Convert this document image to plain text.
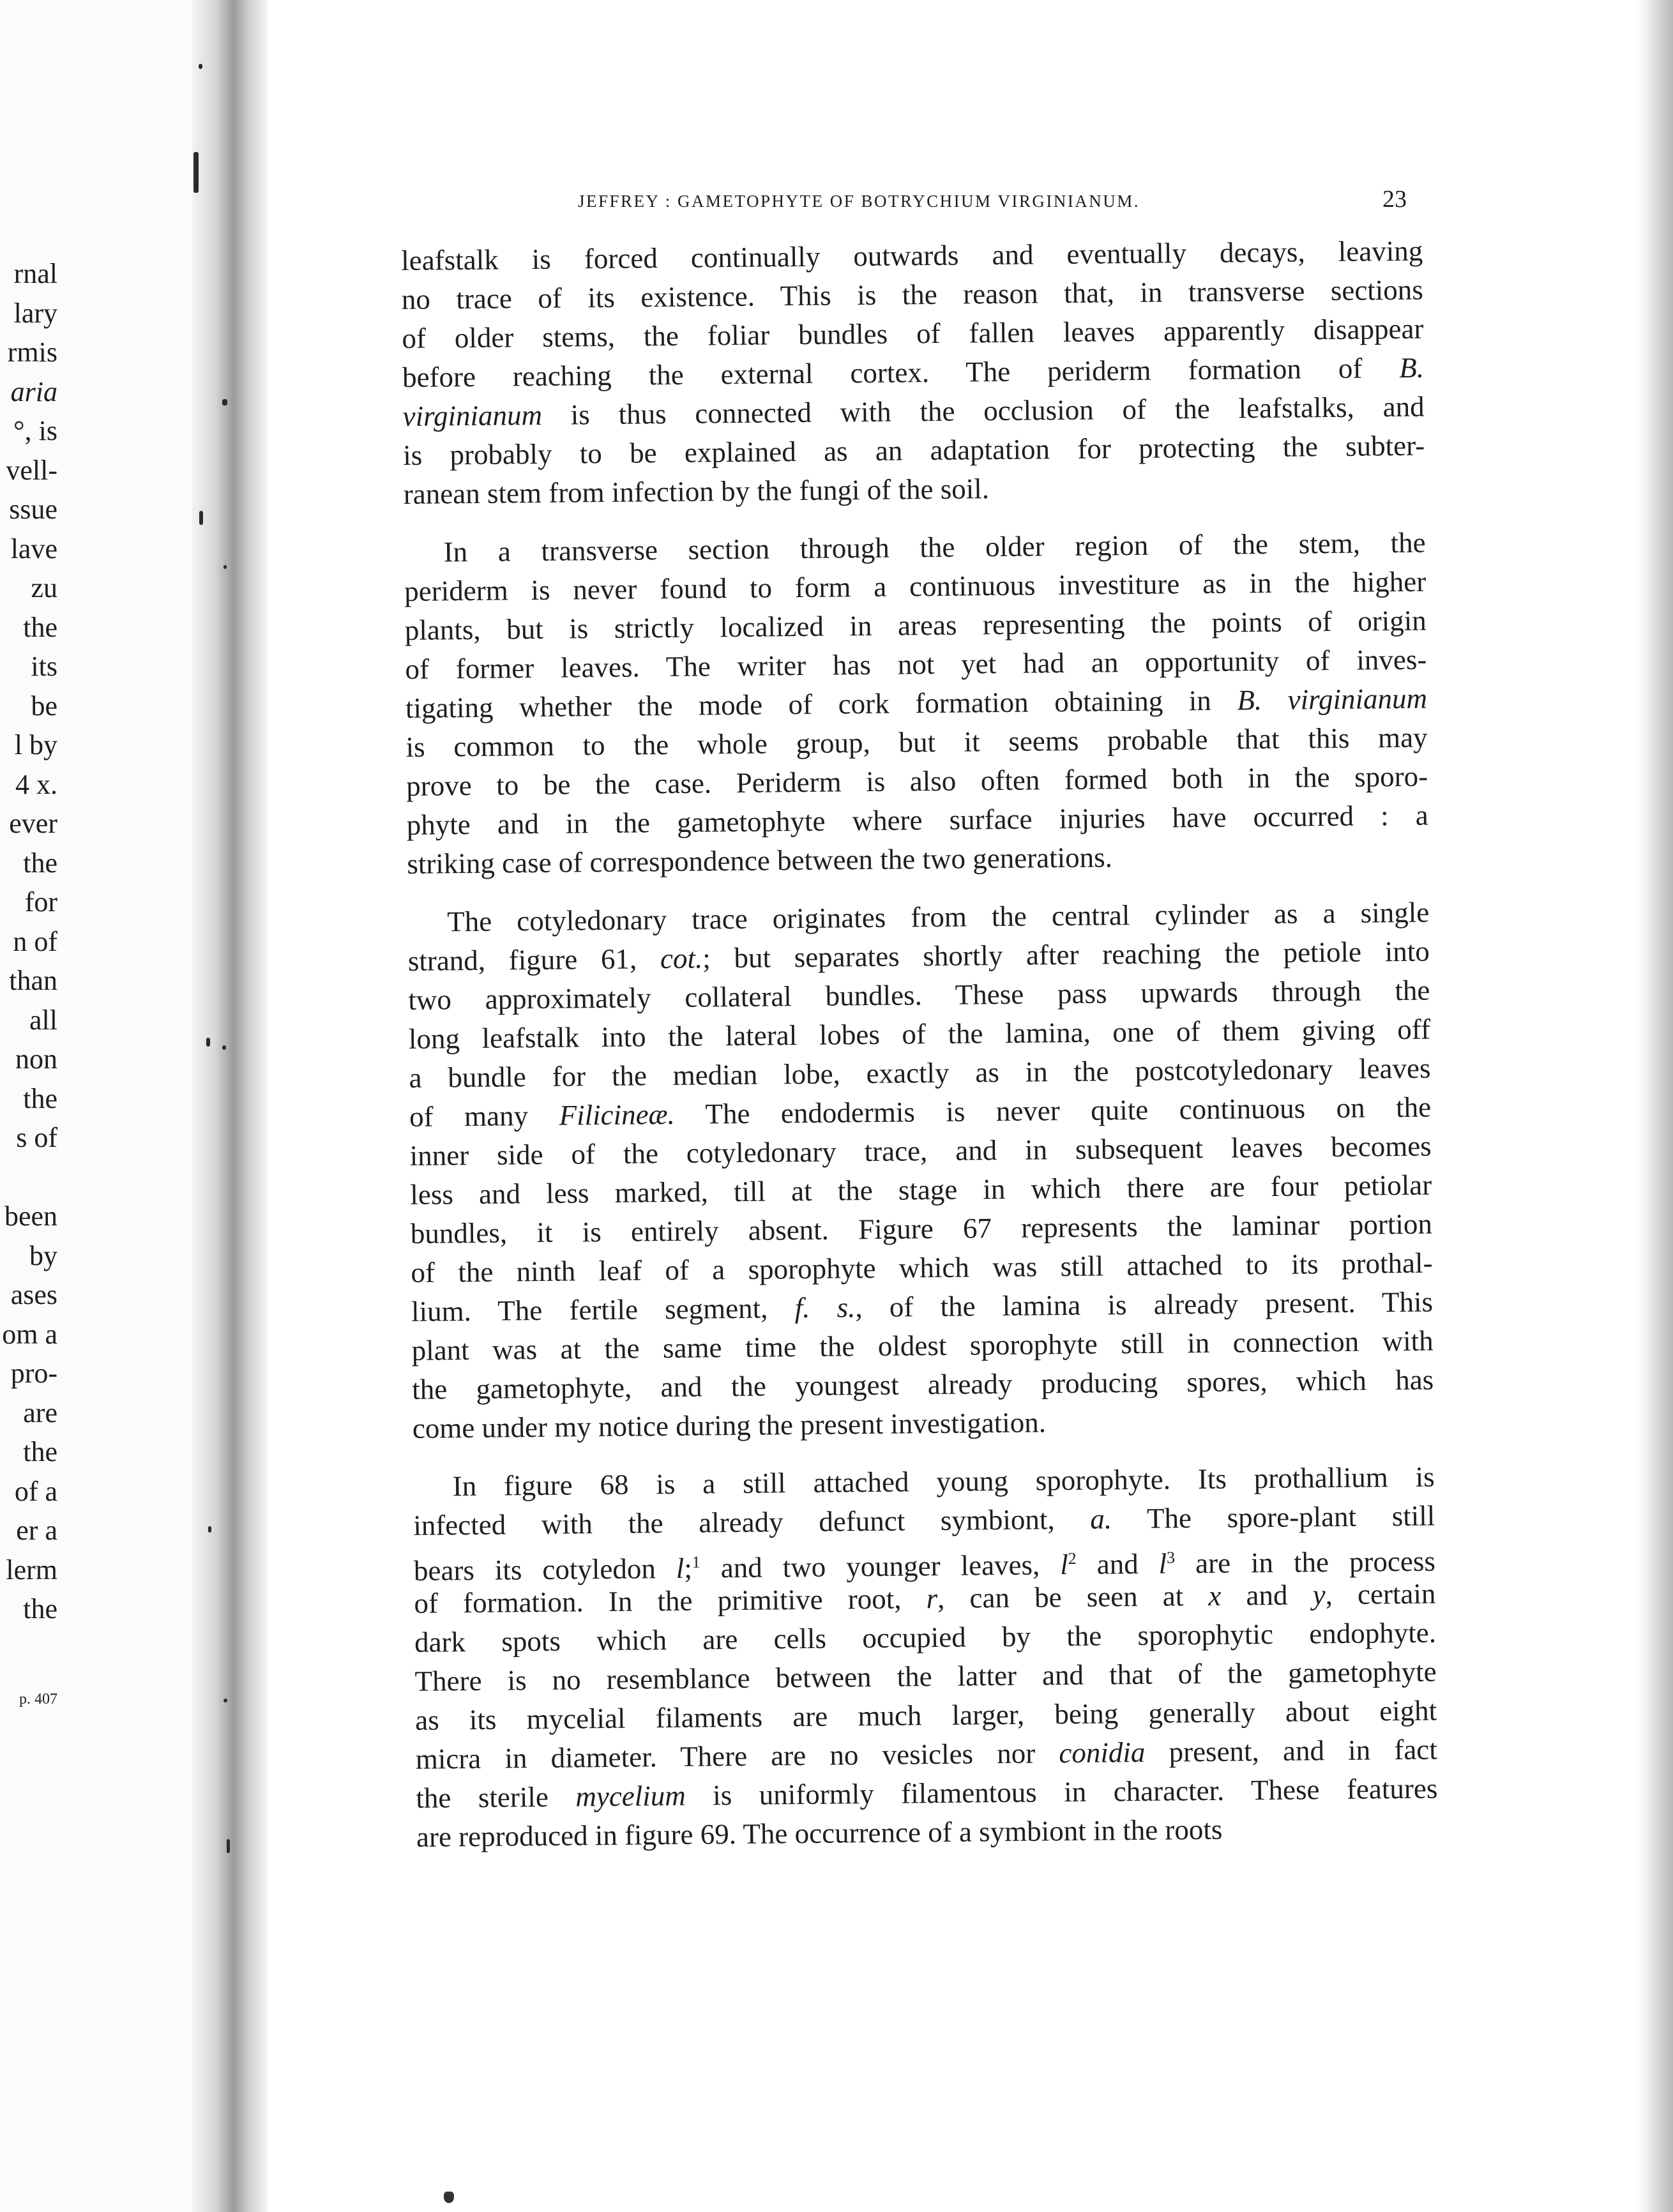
rnal
lary
rmis
aria
°, is
vell-
ssue
lave
zu
the
its
be
l by
4 x.
ever
the
for
n of
than
all
non
the
s of
been
by
ases
om a
pro-
are
the
of a
er a
lerm
the
p. 407
JEFFREY : GAMETOPHYTE OF BOTRYCHIUM VIRGINIANUM.	23
leafstalk is forced continually outwards and eventually decays, leaving
no trace of its existence. This is the reason that, in transverse sections
of older stems, the foliar bundles of fallen leaves apparently disappear
before reaching the external cortex. The periderm formation of B.
virginianum is thus connected with the occlusion of the leafstalks, and
is probably to be explained as an adaptation for protecting the subter-
ranean stem from infection by the fungi of the soil.
In a transverse section through the older region of the stem, the
periderm is never found to form a continuous investiture as in the higher
plants, but is strictly localized in areas representing the points of origin
of former leaves. The writer has not yet had an opportunity of inves-
tigating whether the mode of cork formation obtaining in B. virginianum
is common to the whole group, but it seems probable that this may
prove to be the case. Periderm is also often formed both in the sporo-
phyte and in the gametophyte where surface injuries have occurred : a
striking case of correspondence between the two generations.
The cotyledonary trace originates from the central cylinder as a single
strand, figure 61, cot.; but separates shortly after reaching the petiole into
two approximately collateral bundles. These pass upwards through the
long leafstalk into the lateral lobes of the lamina, one of them giving off
a bundle for the median lobe, exactly as in the postcotyledonary leaves
of many Filicineæ. The endodermis is never quite continuous on the
inner side of the cotyledonary trace, and in subsequent leaves becomes
less and less marked, till at the stage in which there are four petiolar
bundles, it is entirely absent. Figure 67 represents the laminar portion
of the ninth leaf of a sporophyte which was still attached to its prothal-
lium. The fertile segment, f. s., of the lamina is already present. This
plant was at the same time the oldest sporophyte still in connection with
the gametophyte, and the youngest already producing spores, which has
come under my notice during the present investigation.
In figure 68 is a still attached young sporophyte. Its prothallium is
infected with the already defunct symbiont, a. The spore-plant still
bears its cotyledon l;$^1$ and two younger leaves, $l^2$ and $l^3$ are in the process
of formation. In the primitive root, r, can be seen at x and y, certain
dark spots which are cells occupied by the sporophytic endophyte.
There is no resemblance between the latter and that of the gametophyte
as its mycelial filaments are much larger, being generally about eight
micra in diameter. There are no vesicles nor conidia present, and in fact
the sterile mycelium is uniformly filamentous in character. These features
are reproduced in figure 69. The occurrence of a symbiont in the roots
